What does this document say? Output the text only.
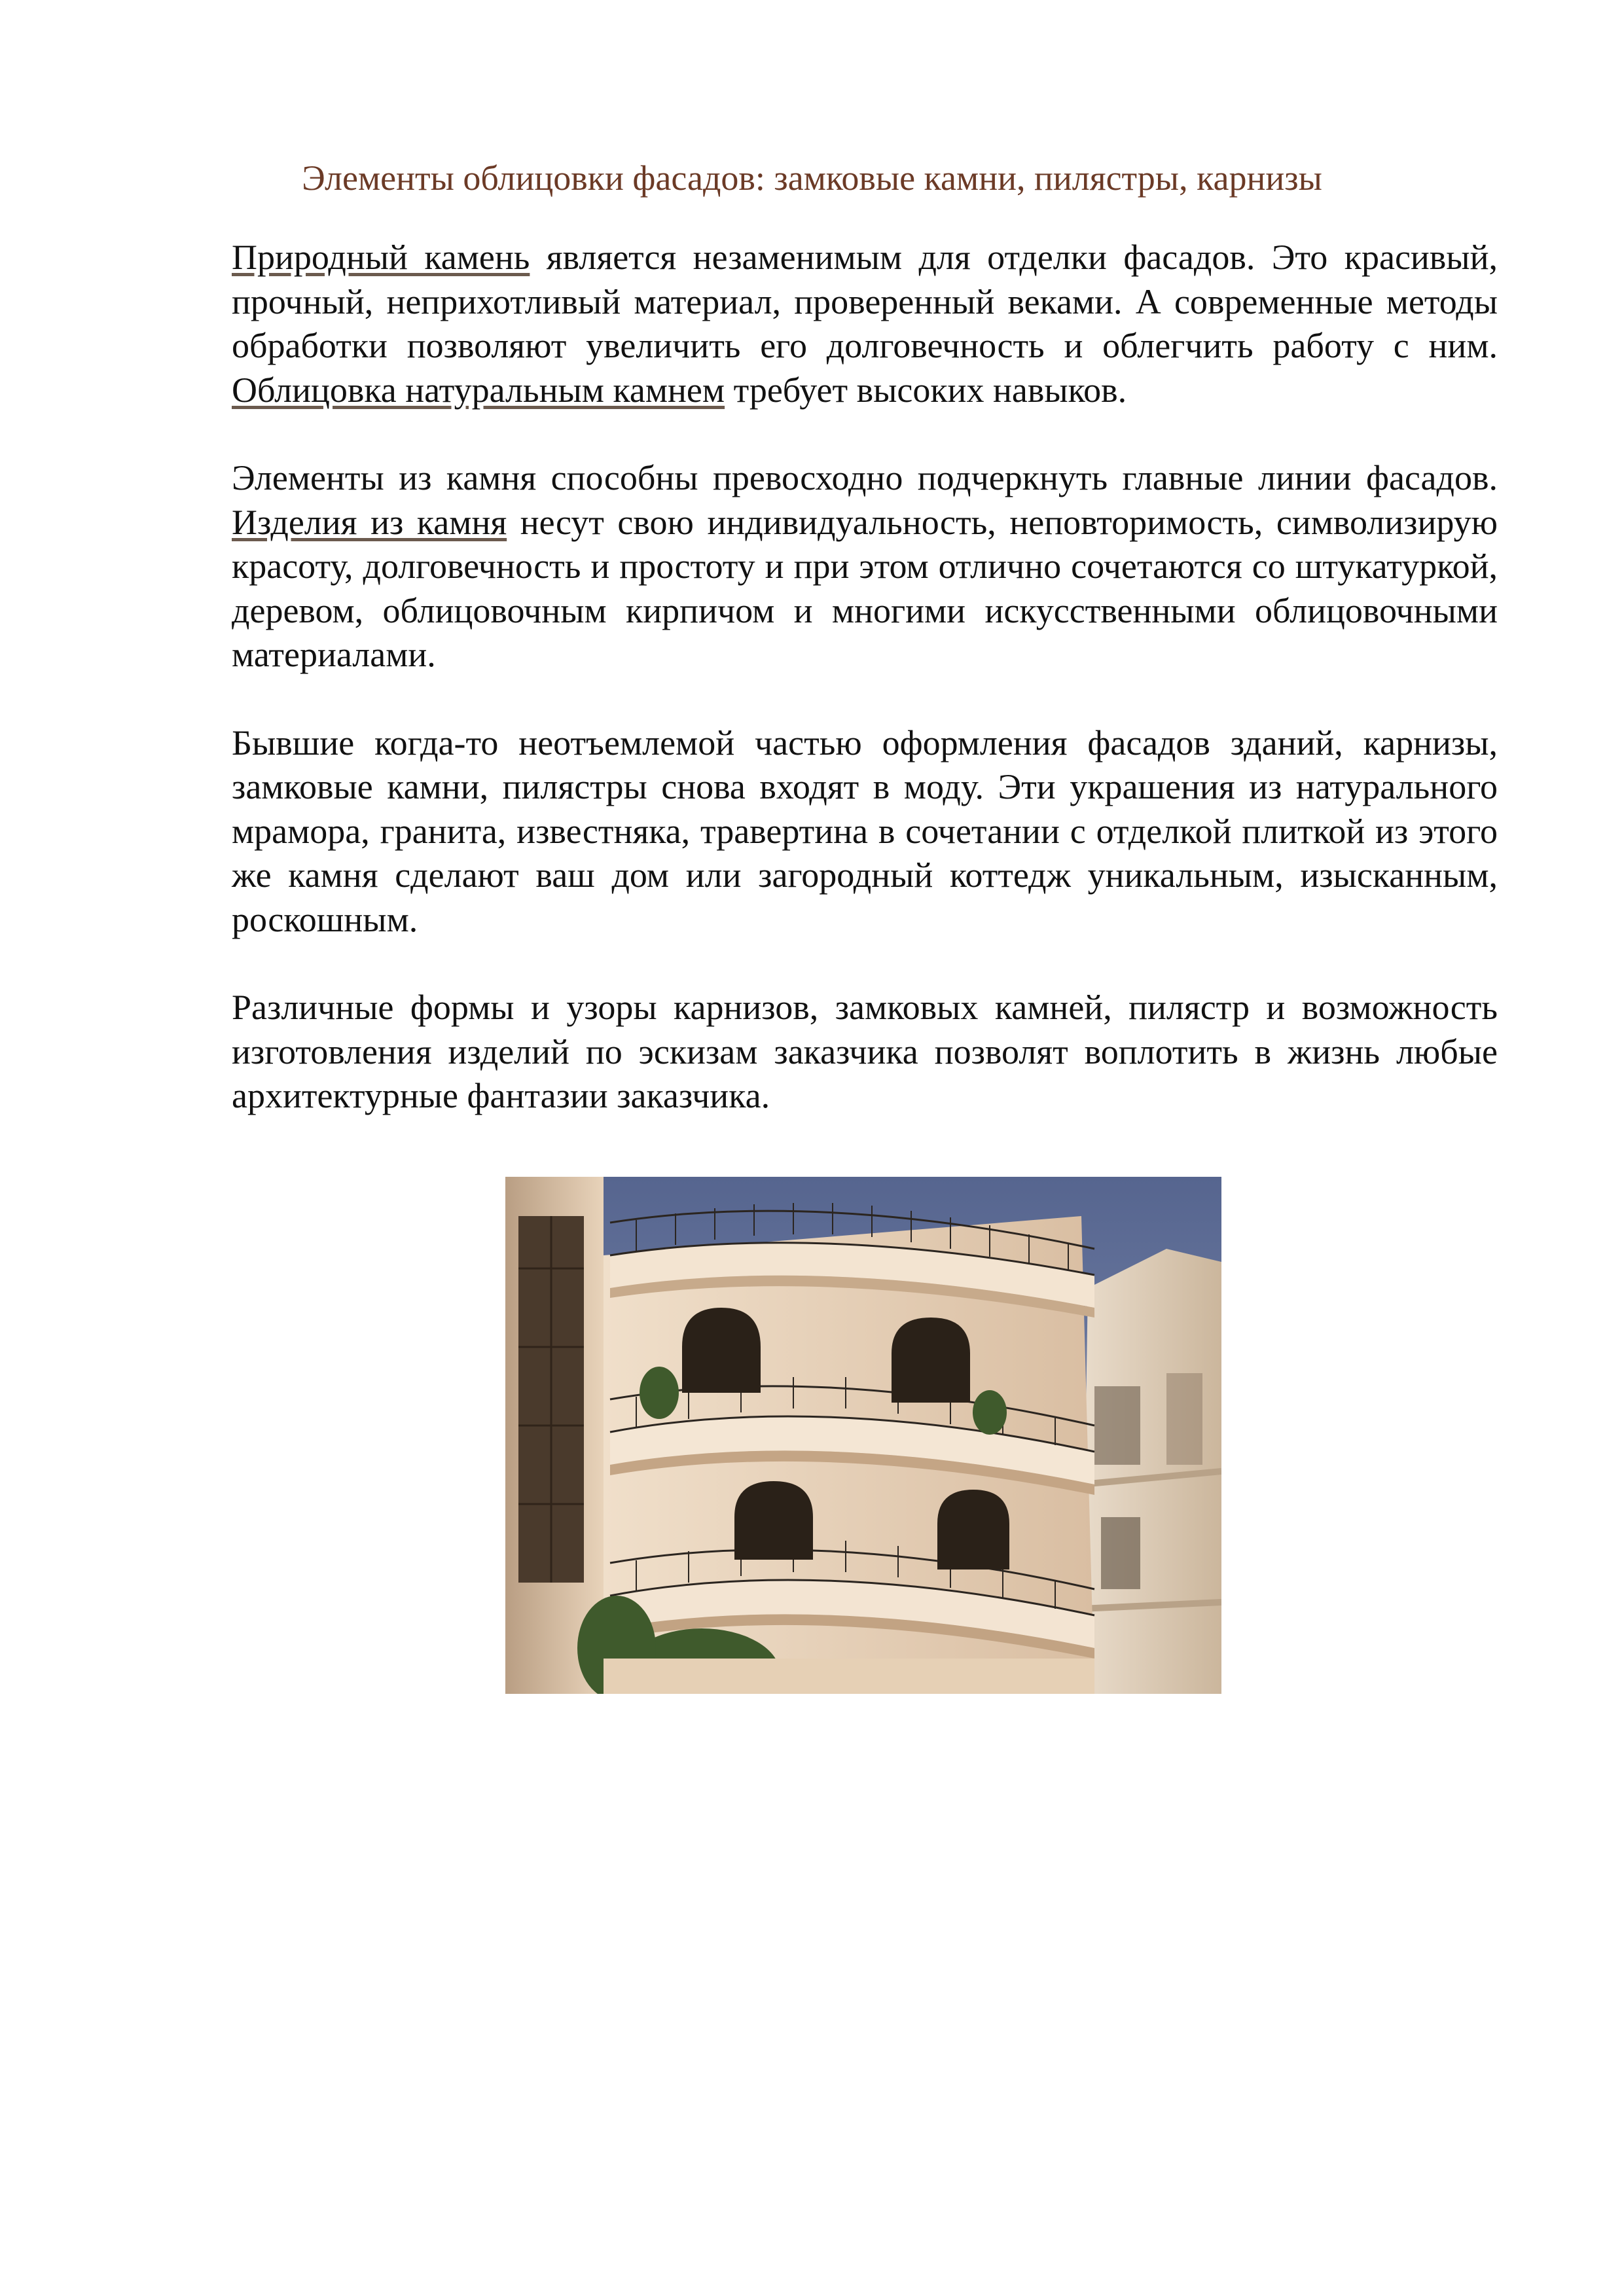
Элементы облицовки фасадов: замковые камни, пилястры, карнизы

Природный камень является незаменимым для отделки фасадов. Это красивый, прочный, неприхотливый материал, проверенный веками. А современные методы обработки позволяют увеличить его долговечность и облегчить работу с ним. Облицовка натуральным камнем требует высоких навыков.

Элементы из камня способны превосходно подчеркнуть главные линии фасадов. Изделия из камня несут свою индивидуальность, неповторимость, символизирую красоту, долговечность и простоту и при этом отлично сочетаются со штукатуркой, деревом, облицовочным кирпичом и многими искусственными облицовочными материалами.

Бывшие когда-то неотъемлемой частью оформления фасадов зданий, карнизы, замковые камни, пилястры снова входят в моду. Эти украшения из натурального мрамора, гранита, известняка, травертина в сочетании с отделкой плиткой из этого же камня сделают ваш дом или загородный коттедж уникальным, изысканным, роскошным.

Различные формы и узоры карнизов, замковых камней, пилястр и возможность изготовления изделий по эскизам заказчика позволят воплотить в жизнь любые архитектурные фантазии заказчика.
